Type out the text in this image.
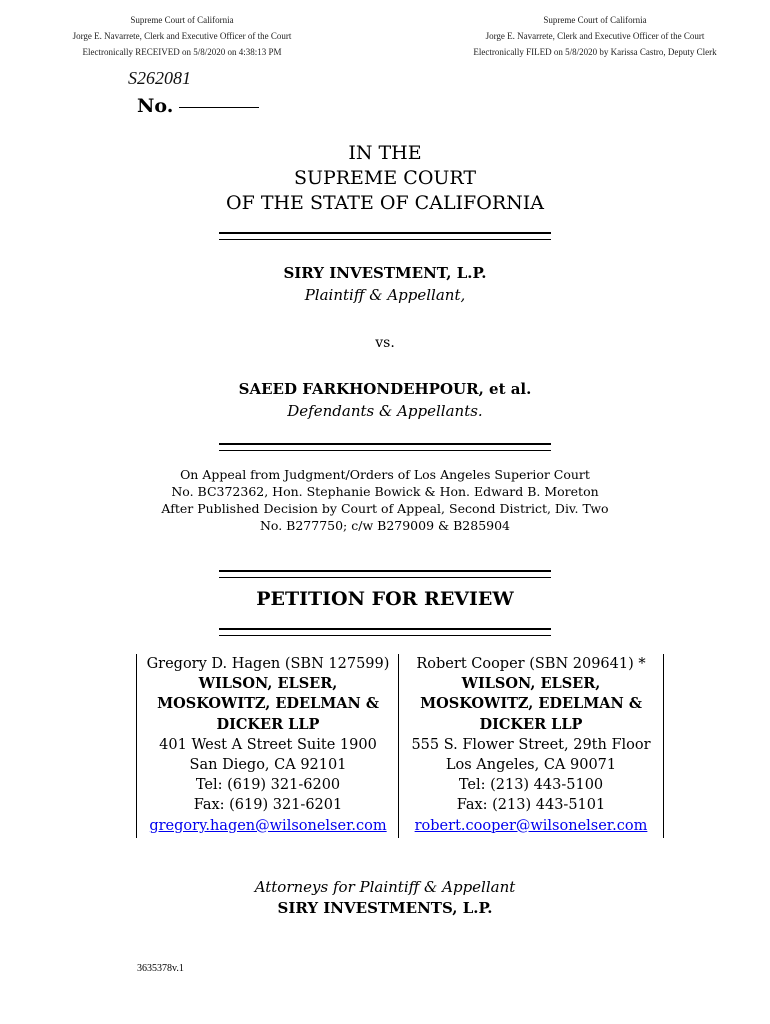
Supreme Court of California
Jorge E. Navarrete, Clerk and Executive Officer of the Court
Electronically RECEIVED on 5/8/2020 on 4:38:13 PM
Supreme Court of California
Jorge E. Navarrete, Clerk and Executive Officer of the Court
Electronically FILED on 5/8/2020 by Karissa Castro, Deputy Clerk
S262081
No.
IN THE
SUPREME COURT
OF THE STATE OF CALIFORNIA
SIRY INVESTMENT, L.P.
Plaintiff & Appellant,
vs.
SAEED FARKHONDEHPOUR, et al.
Defendants & Appellants.
On Appeal from Judgment/Orders of Los Angeles Superior Court
No. BC372362, Hon. Stephanie Bowick & Hon. Edward B. Moreton
After Published Decision by Court of Appeal, Second District, Div. Two
No. B277750; c/w B279009 & B285904
PETITION FOR REVIEW
Gregory D. Hagen (SBN 127599)
WILSON, ELSER,
MOSKOWITZ, EDELMAN &
DICKER LLP
401 West A Street Suite 1900
San Diego, CA 92101
Tel: (619) 321-6200
Fax: (619) 321-6201
gregory.hagen@wilsonelser.com
Robert Cooper (SBN 209641) *
WILSON, ELSER,
MOSKOWITZ, EDELMAN &
DICKER LLP
555 S. Flower Street, 29th Floor
Los Angeles, CA 90071
Tel: (213) 443-5100
Fax: (213) 443-5101
robert.cooper@wilsonelser.com
Attorneys for Plaintiff & Appellant
SIRY INVESTMENTS, L.P.
3635378v.1
